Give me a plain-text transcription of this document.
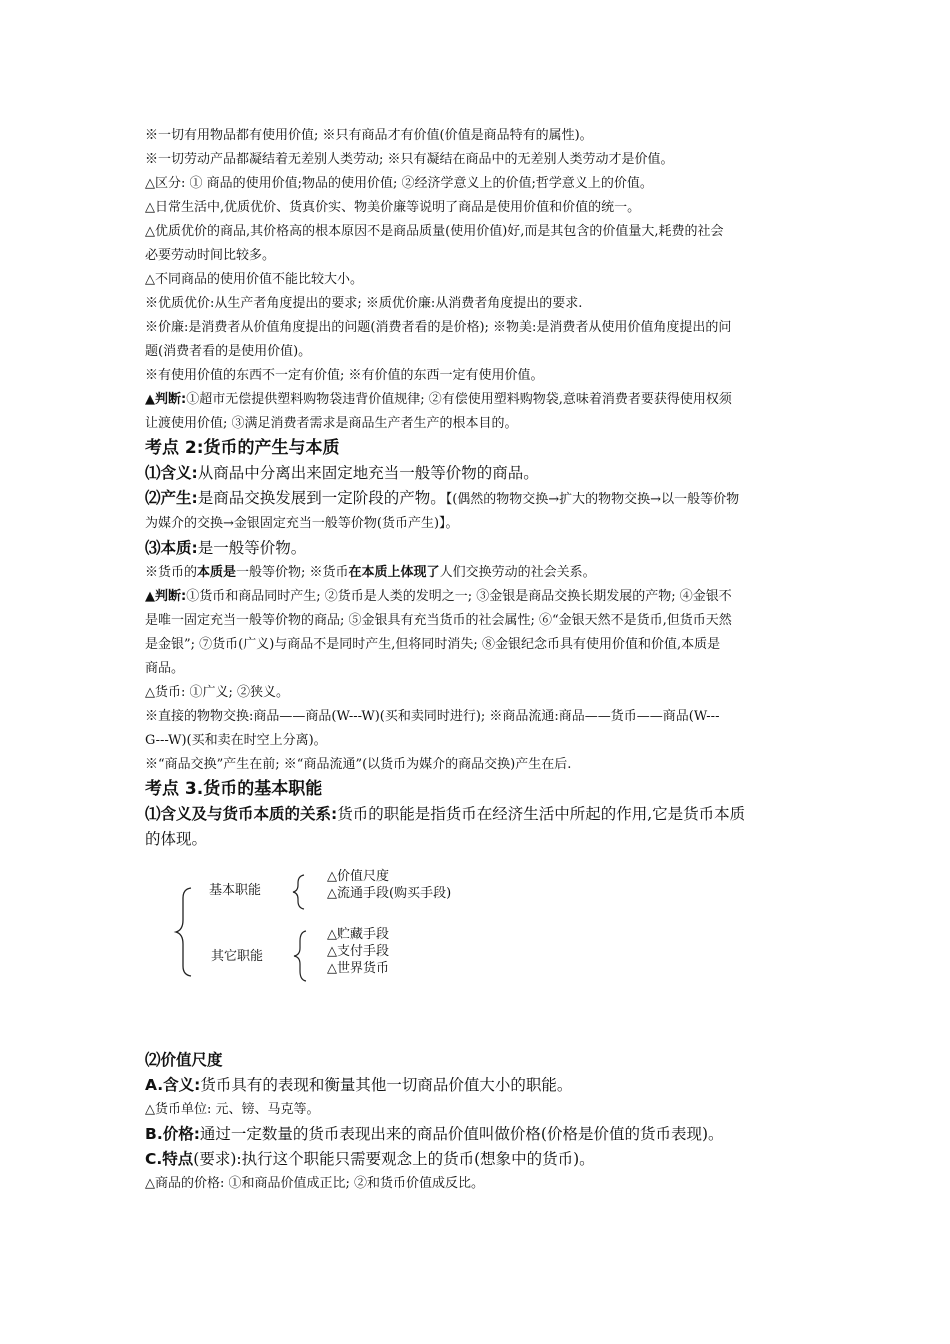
※一切有用物品都有使用价值; ※只有商品才有价值(价值是商品特有的属性)。

※一切劳动产品都凝结着无差别人类劳动; ※只有凝结在商品中的无差别人类劳动才是价值。

△区分: ① 商品的使用价值;物品的使用价值; ②经济学意义上的价值;哲学意义上的价值。

△日常生活中,优质优价、货真价实、物美价廉等说明了商品是使用价值和价值的统一。

△优质优价的商品,其价格高的根本原因不是商品质量(使用价值)好,而是其包含的价值量大,耗费的社会

必要劳动时间比较多。

△不同商品的使用价值不能比较大小。

※优质优价:从生产者角度提出的要求; ※质优价廉:从消费者角度提出的要求.

※价廉:是消费者从价值角度提出的问题(消费者看的是价格); ※物美:是消费者从使用价值角度提出的问

题(消费者看的是使用价值)。

※有使用价值的东西不一定有价值; ※有价值的东西一定有使用价值。

▲判断:①超市无偿提供塑料购物袋违背价值规律; ②有偿使用塑料购物袋,意味着消费者要获得使用权须

让渡使用价值; ③满足消费者需求是商品生产者生产的根本目的。

考点 2:货币的产生与本质

⑴含义:从商品中分离出来固定地充当一般等价物的商品。

⑵产生:是商品交换发展到一定阶段的产物。【(偶然的物物交换→扩大的物物交换→以一般等价物

为媒介的交换→金银固定充当一般等价物(货币产生)】。

⑶本质:是一般等价物。

※货币的本质是一般等价物; ※货币在本质上体现了人们交换劳动的社会关系。

▲判断:①货币和商品同时产生; ②货币是人类的发明之一; ③金银是商品交换长期发展的产物; ④金银不

是唯一固定充当一般等价物的商品; ⑤金银具有充当货币的社会属性; ⑥“金银天然不是货币,但货币天然

是金银”; ⑦货币(广义)与商品不是同时产生,但将同时消失; ⑧金银纪念币具有使用价值和价值,本质是

商品。

△货币: ①广义; ②狭义。

※直接的物物交换:商品——商品(W---W)(买和卖同时进行); ※商品流通:商品——货币——商品(W---

G---W)(买和卖在时空上分离)。

※“商品交换”产生在前; ※“商品流通”(以货币为媒介的商品交换)产生在后.

考点 3.货币的基本职能

⑴含义及与货币本质的关系:货币的职能是指货币在经济生活中所起的作用,它是货币本质

的体现。

基本职能
△价值尺度
△流通手段(购买手段)
其它职能
△贮藏手段
△支付手段
△世界货币

⑵价值尺度

A.含义:货币具有的表现和衡量其他一切商品价值大小的职能。

△货币单位: 元、镑、马克等。

B.价格:通过一定数量的货币表现出来的商品价值叫做价格(价格是价值的货币表现)。

C.特点(要求):执行这个职能只需要观念上的货币(想象中的货币)。

△商品的价格: ①和商品价值成正比; ②和货币价值成反比。
